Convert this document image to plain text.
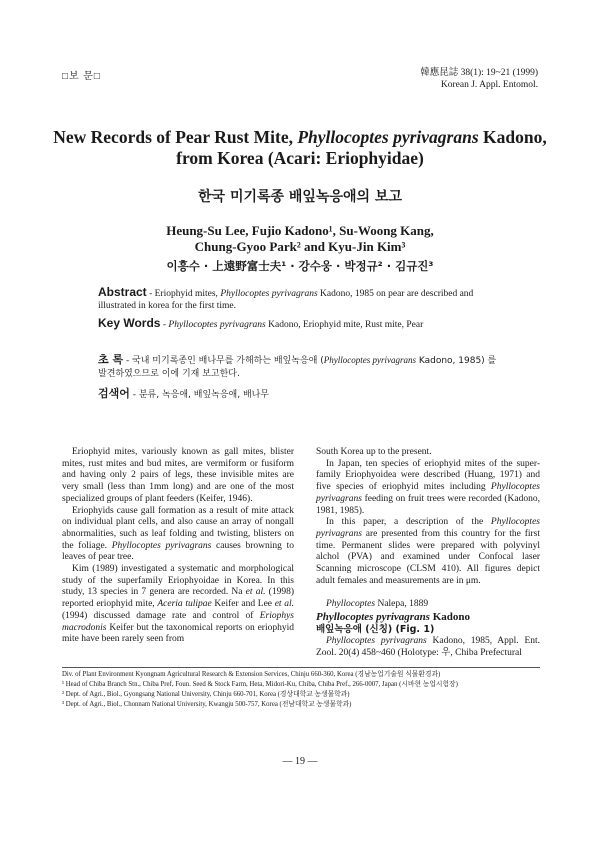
□보 문□	韓應昆誌 38(1): 19~21 (1999)
Korean J. Appl. Entomol.
New Records of Pear Rust Mite, Phyllocoptes pyrivagrans Kadono,
from Korea (Acari: Eriophyidae)
한국 미기록종 배잎녹응애의 보고
Heung-Su Lee, Fujio Kadono¹, Su-Woong Kang,
Chung-Gyoo Park² and Kyu-Jin Kim³
이흥수 · 上遠野富士夫¹ · 강수웅 · 박정규² · 김규진³
Abstract - Eriophyid mites, Phyllocoptes pyrivagrans Kadono, 1985 on pear are described and illustrated in korea for the first time.
Key Words - Phyllocoptes pyrivagrans Kadono, Eriophyid mite, Rust mite, Pear
초 록 - 국내 미기록종인 배나무를 가해하는 배잎녹응애 (Phyllocoptes pyrivagrans Kadono, 1985) 를 발견하였으므로 이에 기재 보고한다.
검색어 - 분류, 녹응애, 배잎녹응애, 배나무

Eriophyid mites, variously known as gall mites, blister mites, rust mites and bud mites, are vermiform or fusiform and having only 2 pairs of legs, these invisible mites are very small (less than 1mm long) and are one of the most specialized groups of plant feeders (Keifer, 1946).

Eriophyids cause gall formation as a result of mite attack on individual plant cells, and also cause an array of nongall abnormalities, such as leaf folding and twisting, blisters on the foliage. Phyllocoptes pyrivagrans causes browning to leaves of pear tree.

Kim (1989) investigated a systematic and morphological study of the superfamily Eriophyoidae in Korea. In this study, 13 species in 7 genera are recorded. Na et al. (1998) reported eriophyid mite, Aceria tulipae Keifer and Lee et al. (1994) discussed damage rate and control of Eriophys macrodonis Keifer but the taxonomical reports on eriophyid mite have been rarely seen from

South Korea up to the present.

In Japan, ten species of eriophyid mites of the super-family Eriophyoidea were described (Huang, 1971) and five species of eriophyid mites including Phyllocoptes pyrivagrans feeding on fruit trees were recorded (Kadono, 1981, 1985).

In this paper, a description of the Phyllocoptes pyrivagrans are presented from this country for the first time. Permanent slides were prepared with polyvinyl alchol (PVA) and examined under Confocal laser Scanning microscope (CLSM 410). All figures depict adult females and measurements are in μm.

Phyllocoptes Nalepa, 1889

Phyllocoptes pyrivagrans Kadono

배잎녹응애 (신칭) (Fig. 1)

Phyllocoptes pyrivagrans Kadono, 1985, Appl. Ent. Zool. 20(4) 458~460 (Holotype: 우, Chiba Prefectural

Div. of Plant Environment Kyongnam Agricultural Research & Extension Services, Chinju 660-360, Korea (경남농업기술원 식물환경과)
¹ Head of Chiba Branch Stn., Chiba Pref, Foun. Seed & Stock Farm, Heta, Midori-Ku, Chiba, Chiba Pref., 266-0007, Japan (시바현 농업시험장)
² Dept. of Agri., Biol., Gyongsang National University, Chinju 660-701, Korea (경상대학교 농생물학과)
³ Dept. of Agri., Biol., Chonnam National University, Kwangju 500-757, Korea (전남대학교 농생물학과)
— 19 —
